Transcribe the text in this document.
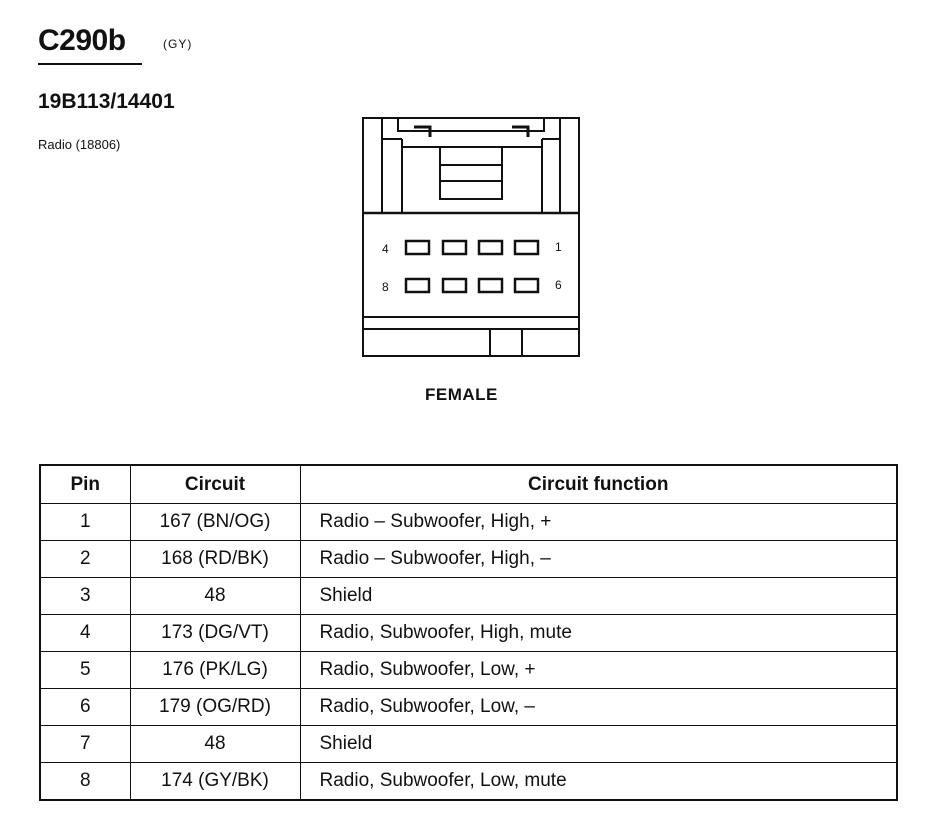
C290b	(GY)
19B113/14401
Radio (18806)
4	1
8	6
FEMALE
Pin	Circuit	Circuit function
1	167 (BN/OG)	Radio – Subwoofer, High, +
2	168 (RD/BK)	Radio – Subwoofer, High, –
3	48	Shield
4	173 (DG/VT)	Radio, Subwoofer, High, mute
5	176 (PK/LG)	Radio, Subwoofer, Low, +
6	179 (OG/RD)	Radio, Subwoofer, Low, –
7	48	Shield
8	174 (GY/BK)	Radio, Subwoofer, Low, mute
